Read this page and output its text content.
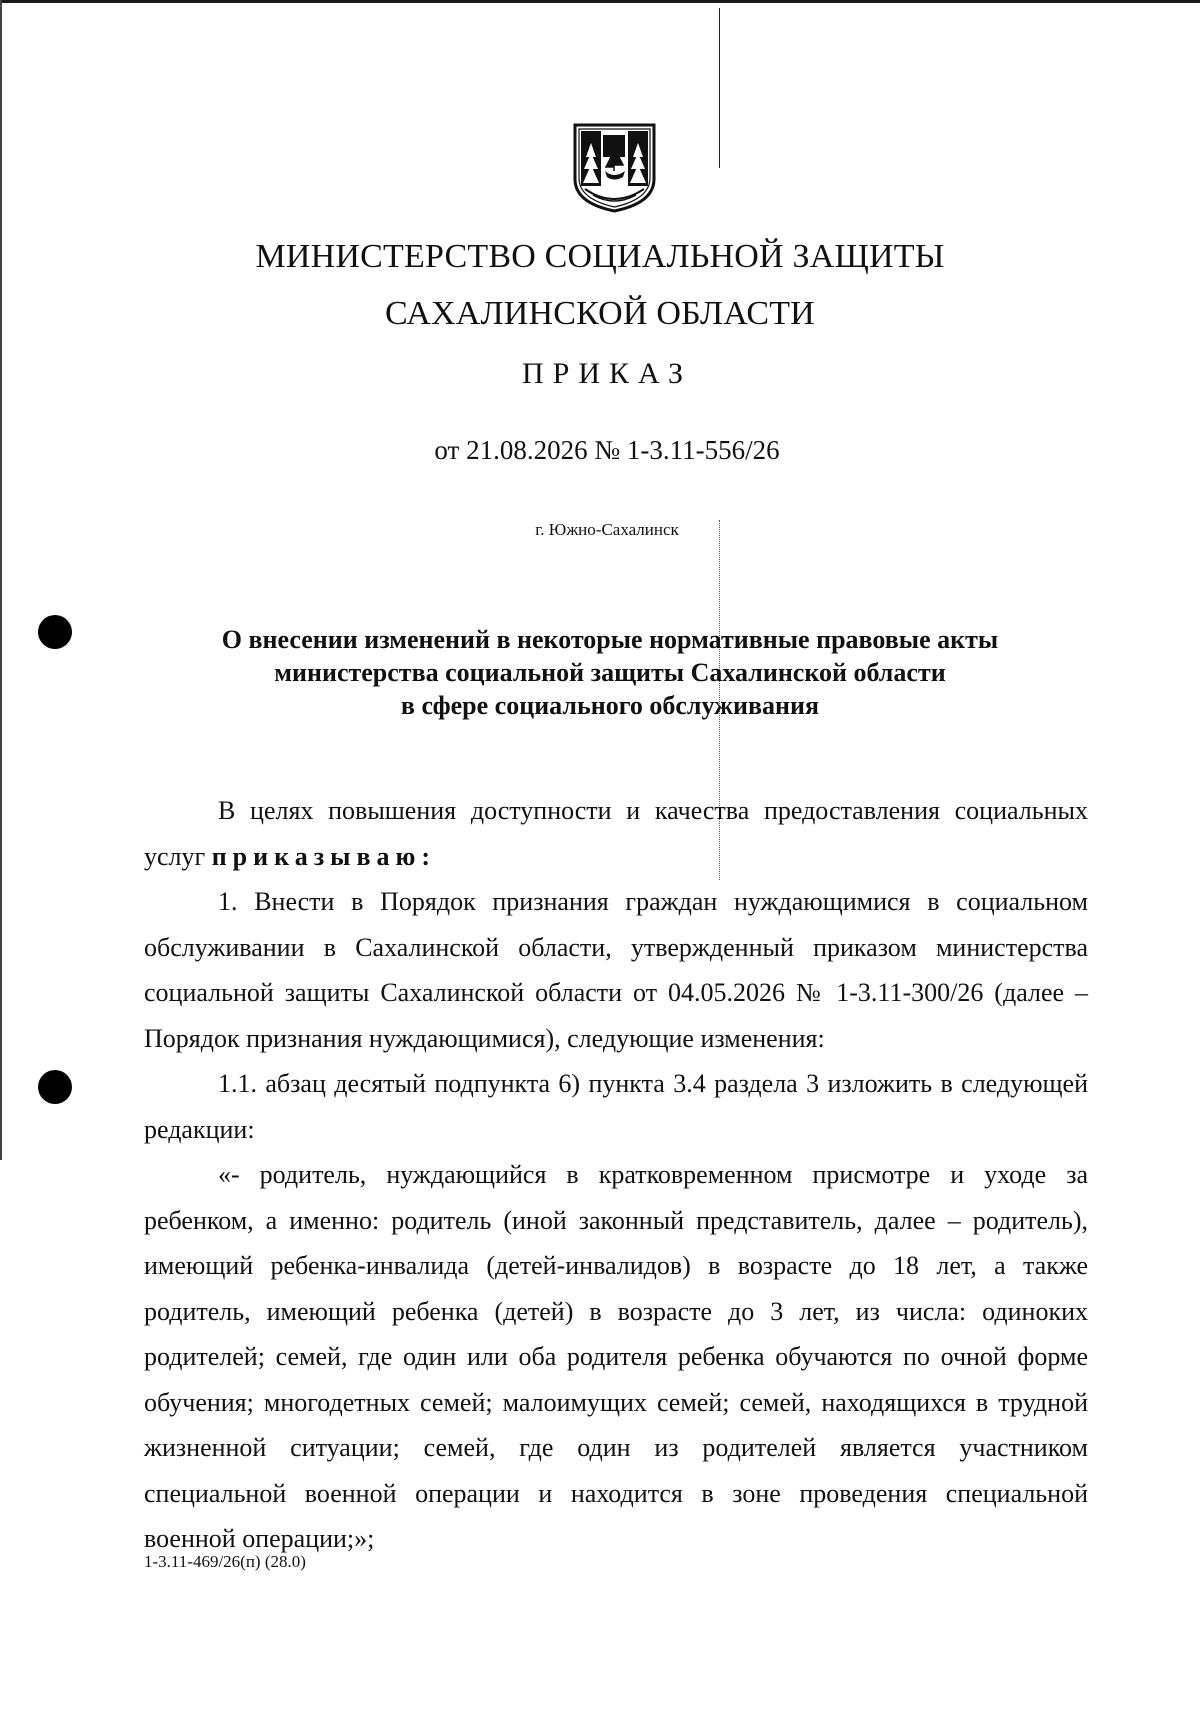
МИНИСТЕРСТВО СОЦИАЛЬНОЙ ЗАЩИТЫ
САХАЛИНСКОЙ ОБЛАСТИ
ПРИКАЗ
от 21.08.2026 № 1-3.11-556/26
г. Южно-Сахалинск
О внесении изменений в некоторые нормативные правовые акты
министерства социальной защиты Сахалинской области
в сфере социального обслуживания

В целях повышения доступности и качества предоставления социальных услуг приказываю:

1. Внести в Порядок признания граждан нуждающимися в социальном обслуживании в Сахалинской области, утвержденный приказом министерства социальной защиты Сахалинской области от 04.05.2026 № 1-3.11-300/26 (далее – Порядок признания нуждающимися), следующие изменения:

1.1. абзац десятый подпункта 6) пункта 3.4 раздела 3 изложить в следующей редакции:

«- родитель, нуждающийся в кратковременном присмотре и уходе за ребенком, а именно: родитель (иной законный представитель, далее – родитель), имеющий ребенка-инвалида (детей-инвалидов) в возрасте до 18 лет, а также родитель, имеющий ребенка (детей) в возрасте до 3 лет, из числа: одиноких родителей; семей, где один или оба родителя ребенка обучаются по очной форме обучения; многодетных семей; малоимущих семей; семей, находящихся в трудной жизненной ситуации; семей, где один из родителей является участником специальной военной операции и находится в зоне проведения специальной военной операции;»;

1-3.11-469/26(п) (28.0)
